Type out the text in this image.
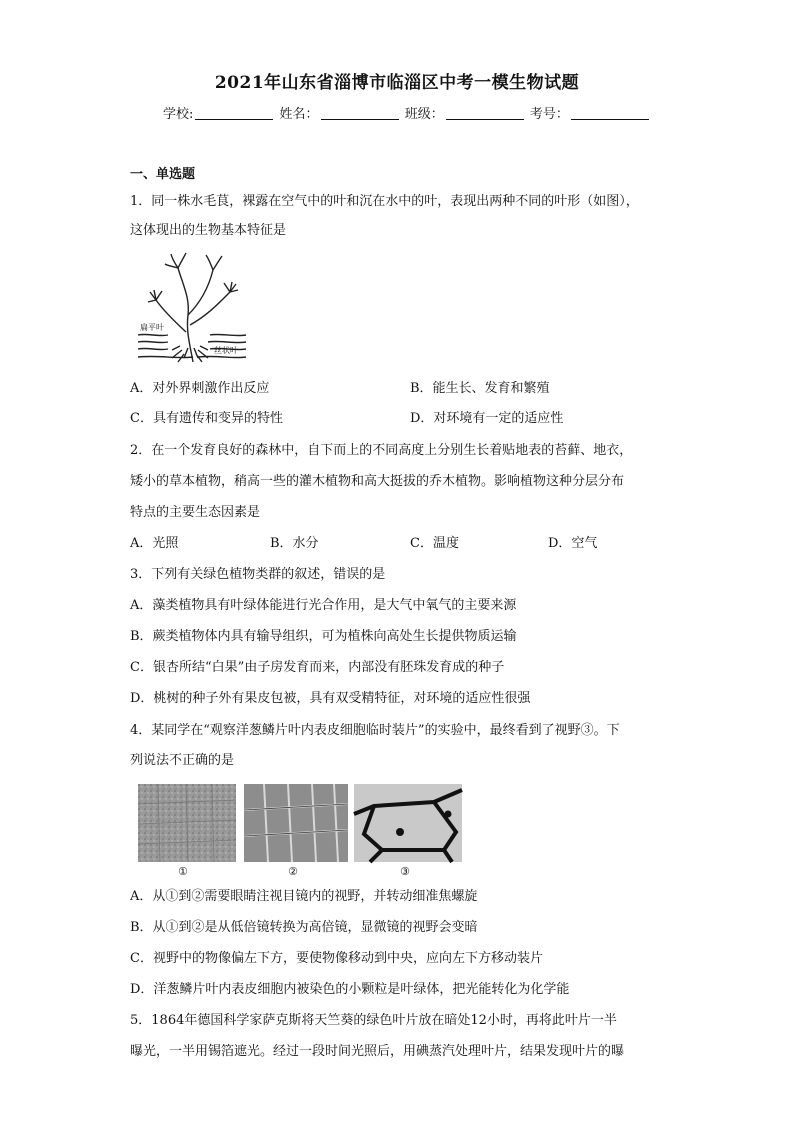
2021年山东省淄博市临淄区中考一模生物试题
学校:	姓名：	班级：	考号：
一、单选题
1．同一株水毛茛，裸露在空气中的叶和沉在水中的叶，表现出两种不同的叶形（如图），
这体现出的生物基本特征是
扁平叶
丝状叶
A．对外界刺激作出反应	B．能生长、发育和繁殖
C．具有遗传和变异的特性	D．对环境有一定的适应性
2．在一个发育良好的森林中，自下而上的不同高度上分别生长着贴地表的苔藓、地衣，
矮小的草本植物，稍高一些的灌木植物和高大挺拔的乔木植物。影响植物这种分层分布
特点的主要生态因素是
A．光照	B．水分	C．温度	D．空气
3．下列有关绿色植物类群的叙述，错误的是
A．藻类植物具有叶绿体能进行光合作用，是大气中氧气的主要来源
B．蕨类植物体内具有输导组织，可为植株向高处生长提供物质运输
C．银杏所结“白果”由子房发育而来，内部没有胚珠发育成的种子
D．桃树的种子外有果皮包被，具有双受精特征，对环境的适应性很强
4．某同学在“观察洋葱鳞片叶内表皮细胞临时装片”的实验中，最终看到了视野③。下
列说法不正确的是
①	②	③
A．从①到②需要眼睛注视目镜内的视野，并转动细准焦螺旋
B．从①到②是从低倍镜转换为高倍镜，显微镜的视野会变暗
C．视野中的物像偏左下方，要使物像移动到中央，应向左下方移动装片
D．洋葱鳞片叶内表皮细胞内被染色的小颗粒是叶绿体，把光能转化为化学能
5．1864年德国科学家萨克斯将天竺葵的绿色叶片放在暗处12小时，再将此叶片一半
曝光，一半用锡箔遮光。经过一段时间光照后，用碘蒸汽处理叶片，结果发现叶片的曝
